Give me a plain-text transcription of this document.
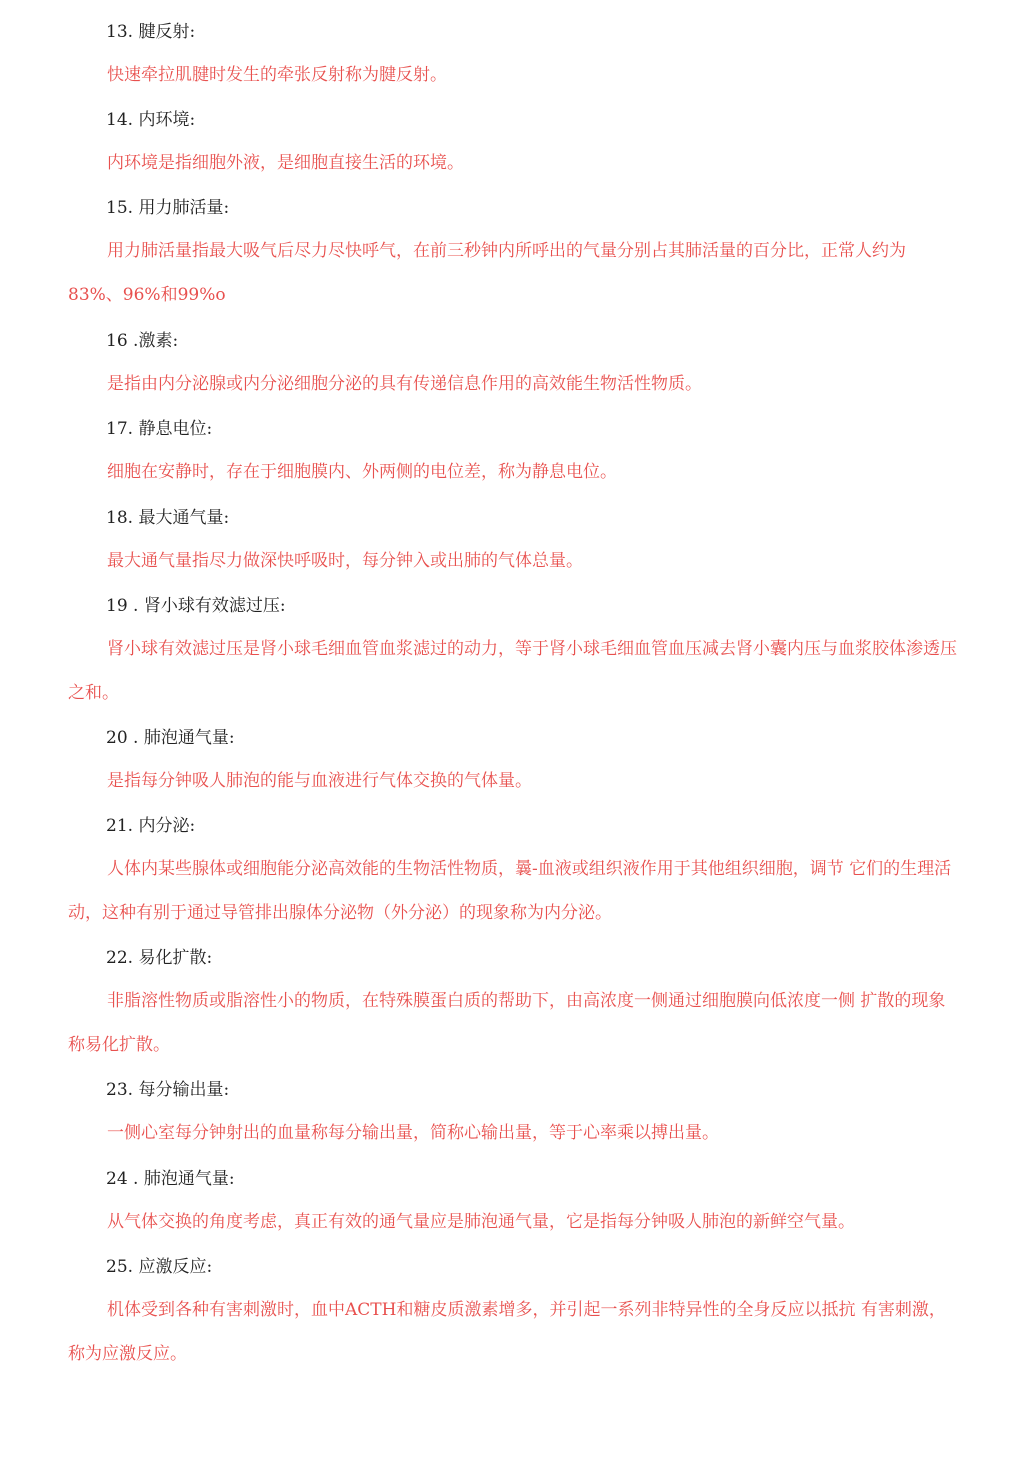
13. 腱反射:

快速牵拉肌腱时发生的牵张反射称为腱反射。

14. 内环境:

内环境是指细胞外液，是细胞直接生活的环境。

15. 用力肺活量:

用力肺活量指最大吸气后尽力尽快呼气，在前三秒钟内所呼出的气量分别占其肺活量的百分比，正常人约为83%、96%和99%o

16 .激素:

是指由内分泌腺或内分泌细胞分泌的具有传递信息作用的高效能生物活性物质。

17. 静息电位:

细胞在安静时，存在于细胞膜内、外两侧的电位差，称为静息电位。

18. 最大通气量:

最大通气量指尽力做深快呼吸时，每分钟入或出肺的气体总量。

19 . 肾小球有效滤过压:

肾小球有效滤过压是肾小球毛细血管血浆滤过的动力，等于肾小球毛细血管血压减去肾小囊内压与血浆胶体渗透压之和。

20 . 肺泡通气量:

是指每分钟吸人肺泡的能与血液进行气体交换的气体量。

21. 内分泌:

人体内某些腺体或细胞能分泌高效能的生物活性物质，曩-血液或组织液作用于其他组织细胞，调节 它们的生理活动，这种有别于通过导管排出腺体分泌物（外分泌）的现象称为内分泌。

22. 易化扩散:

非脂溶性物质或脂溶性小的物质，在特殊膜蛋白质的帮助下，由高浓度一侧通过细胞膜向低浓度一侧 扩散的现象称易化扩散。

23. 每分输出量:

一侧心室每分钟射出的血量称每分输出量，简称心输出量，等于心率乘以搏出量。

24 . 肺泡通气量:

从气体交换的角度考虑，真正有效的通气量应是肺泡通气量，它是指每分钟吸人肺泡的新鲜空气量。

25. 应激反应:

机体受到各种有害刺激时，血中ACTH和糖皮质激素增多，并引起一系列非特异性的全身反应以抵抗 有害刺激，称为应激反应。
